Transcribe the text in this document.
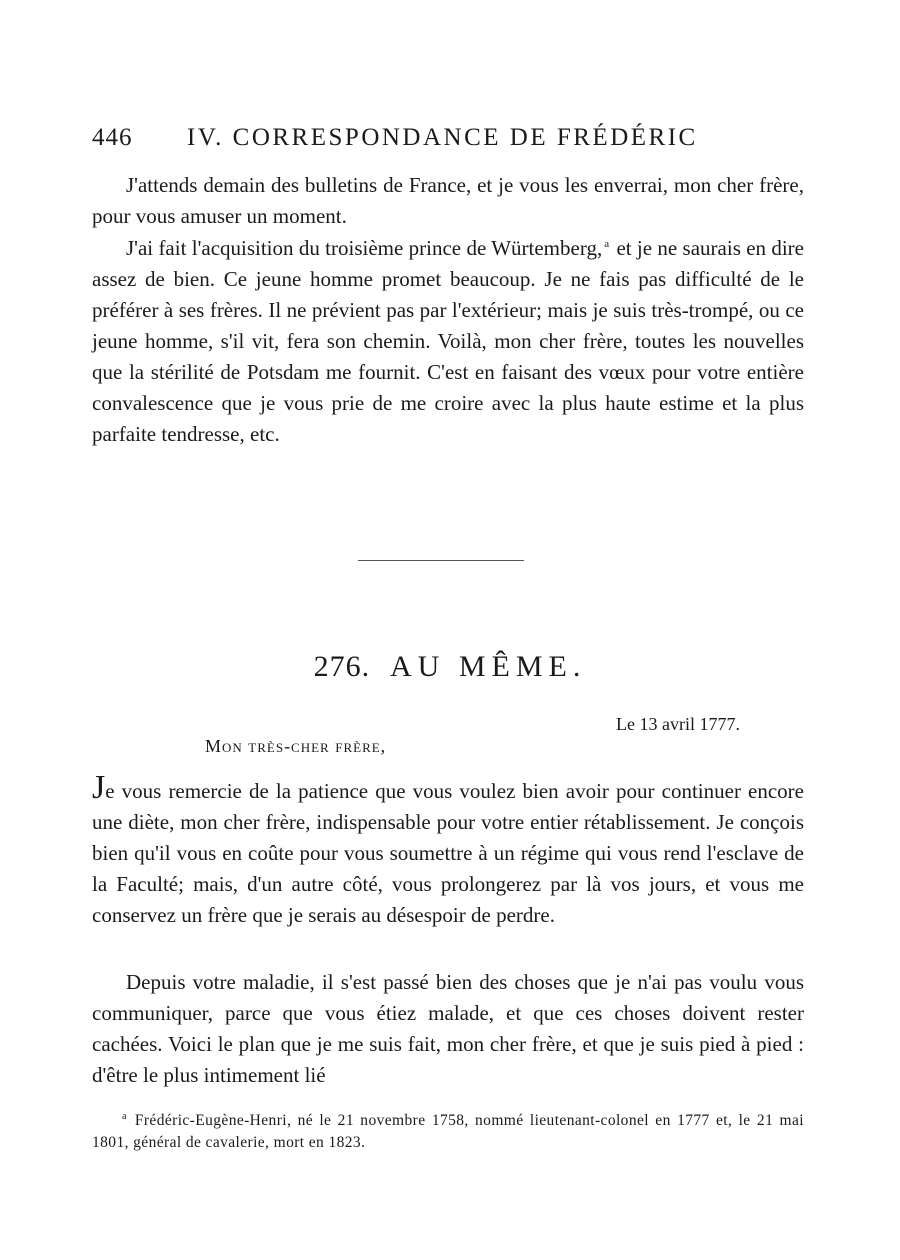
446 IV. CORRESPONDANCE DE FRÉDÉRIC

J'attends demain des bulletins de France, et je vous les enverrai, mon cher frère, pour vous amuser un moment.

J'ai fait l'acquisition du troisième prince de Würtemberg, $^a$ et je ne saurais en dire assez de bien. Ce jeune homme promet beaucoup. Je ne fais pas difficulté de le préférer à ses frères. Il ne prévient pas par l'extérieur; mais je suis très-trompé, ou ce jeune homme, s'il vit, fera son chemin. Voilà, mon cher frère, toutes les nouvelles que la stérilité de Potsdam me fournit. C'est en faisant des vœux pour votre entière convalescence que je vous prie de me croire avec la plus haute estime et la plus parfaite tendresse, etc.

276. AU MÊME.
Le 13 avril 1777.
Mon très-cher frère,

Je vous remercie de la patience que vous voulez bien avoir pour continuer encore une diète, mon cher frère, indispensable pour votre entier rétablissement. Je conçois bien qu'il vous en coûte pour vous soumettre à un régime qui vous rend l'esclave de la Faculté; mais, d'un autre côté, vous prolongerez par là vos jours, et vous me conservez un frère que je serais au désespoir de perdre.

Depuis votre maladie, il s'est passé bien des choses que je n'ai pas voulu vous communiquer, parce que vous étiez malade, et que ces choses doivent rester cachées. Voici le plan que je me suis fait, mon cher frère, et que je suis pied à pied : d'être le plus intimement lié

$^a$ Frédéric-Eugène-Henri, né le 21 novembre 1758, nommé lieutenant-colonel en 1777 et, le 21 mai 1801, général de cavalerie, mort en 1823.
